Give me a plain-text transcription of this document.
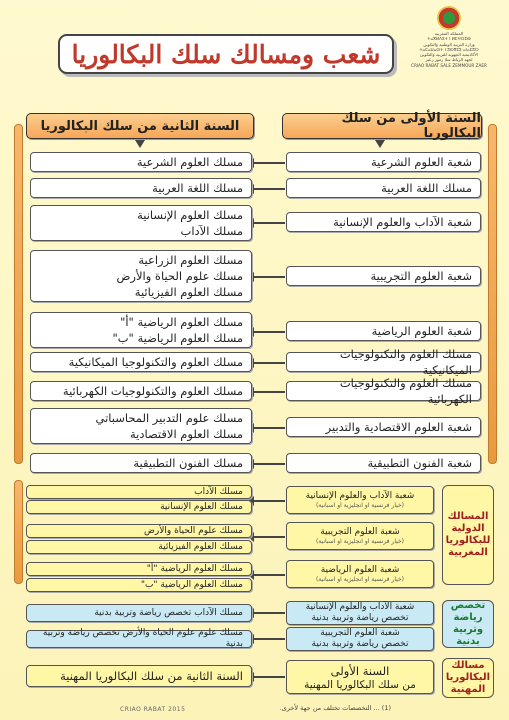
المملكة المغربية
ⵜⴰⴳⵍⴷⵉⵜ ⵏ ⵍⵎⵖⵔⵉⴱ
وزارة التربية الوطنية والتكوين
ⵜⴰⵎⴰⵡⴰⵙⵜ ⵏ ⵓⵙⴳⵎⵉ ⴰⵏⴰⵎⵓⵔ
الأكاديمية الجهوية للتربية والتكوين
لجهة الرباط سلا زمور زعير
CRIAO RABAT SALE ZEMMOUR ZAER
شعب ومسالك سلك البكالوريا
السنة الأولى من سلك البكالوريا
السنة الثانية من سلك البكالوريا
شعبة العلوم الشرعية
مسلك العلوم الشرعية
مسلك اللغة العربية
مسلك اللغة العربية
شعبة الآداب والعلوم الإنسانية
مسلك العلوم الإنسانية
مسلك الآداب
شعبة العلوم التجريبية
مسلك العلوم الزراعية
مسلك علوم الحياة والأرض
مسلك العلوم الفيزيائية
شعبة العلوم الرياضية
مسلك العلوم الرياضية "أ"
مسلك العلوم الرياضية "ب"
مسلك العلوم والتكنولوجيات الميكانيكية
مسلك العلوم والتكنولوجيا الميكانيكية
مسلك العلوم والتكنولوجيات الكهربائية
مسلك العلوم والتكنولوجيات الكهربائية
شعبة العلوم الاقتصادية والتدبير
مسلك علوم التدبير المحاسباتي
مسلك العلوم الاقتصادية
شعبة الفنون التطبيقية
مسلك الفنون التطبيقية
المسالك الدولية للبكالوريا المغربية
شعبة الآداب والعلوم الإنسانية
(خيار فرنسية او انجليزية او اسبانية)
مسلك الآداب
مسلك العلوم الإنسانية
شعبة العلوم التجريبية
(خيار فرنسية او انجليزية او اسبانية)
مسلك علوم الحياة والأرض
مسلك العلوم الفيزيائية
شعبة العلوم الرياضية
(خيار فرنسية او انجليزية او اسبانية)
مسلك العلوم الرياضية "أ"
مسلك العلوم الرياضية "ب"
تخصص رياضة وتربية بدنية
شعبة الآداب والعلوم الإنسانية
تخصص رياضة وتربية بدنية
مسلك الآداب تخصص رياضة وتربية بدنية
شعبة العلوم التجريبية
تخصص رياضة وتربية بدنية
مسلك علوم علوم الحياة والأرض تخصص رياضة وتربية بدنية
مسالك البكالوريا المهنية
السنة الأولى
من سلك البكالوريا المهنية
السنة الثانية من سلك البكالوريا المهنية
CRIAO RABAT 2015	(1) ... التخصصات تختلف من جهة لأخرى.
